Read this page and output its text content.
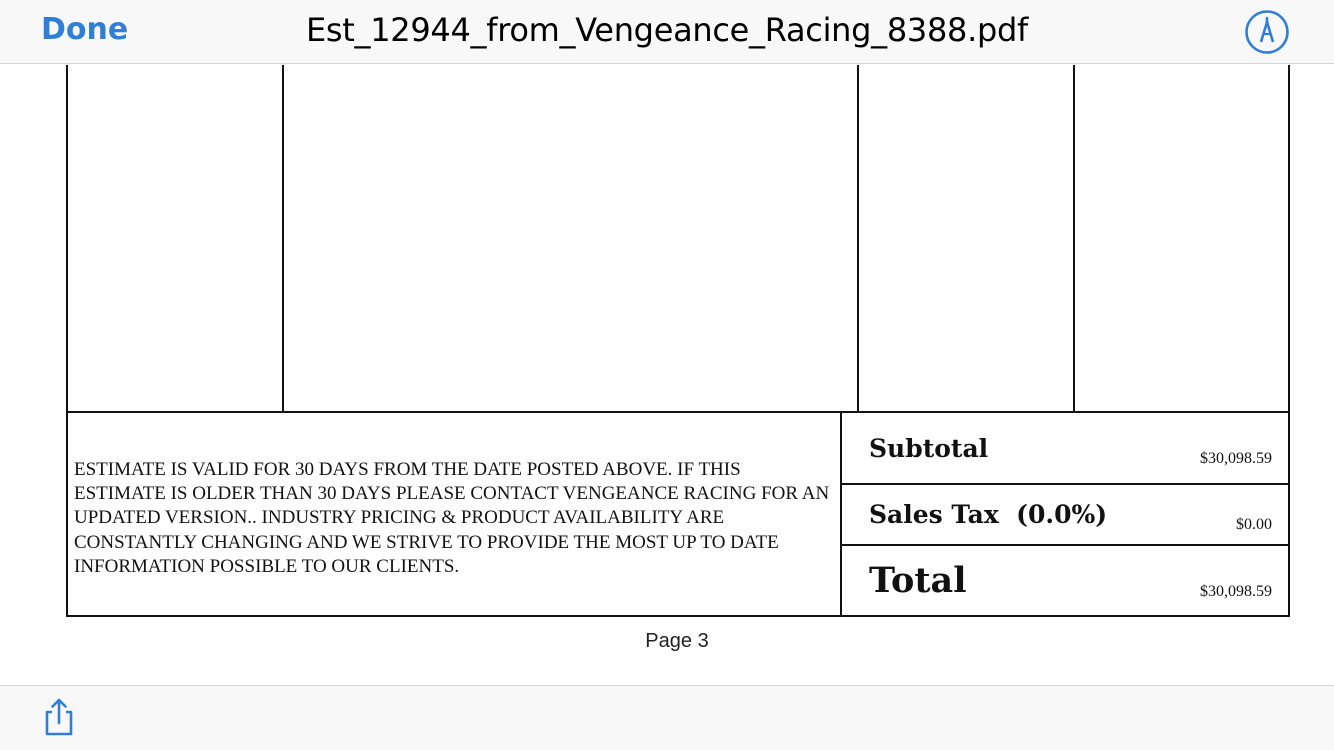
Done	Est_12944_from_Vengeance_Racing_8388.pdf

ESTIMATE IS VALID FOR 30 DAYS FROM THE DATE POSTED ABOVE. IF THIS ESTIMATE IS OLDER THAN 30 DAYS PLEASE CONTACT VENGEANCE RACING FOR AN UPDATED VERSION.. INDUSTRY PRICING & PRODUCT AVAILABILITY ARE CONSTANTLY CHANGING AND WE STRIVE TO PROVIDE THE MOST UP TO DATE INFORMATION POSSIBLE TO OUR CLIENTS.

Subtotal	$30,098.59
Sales Tax  (0.0%)	$0.00
Total	$30,098.59
Page 3
